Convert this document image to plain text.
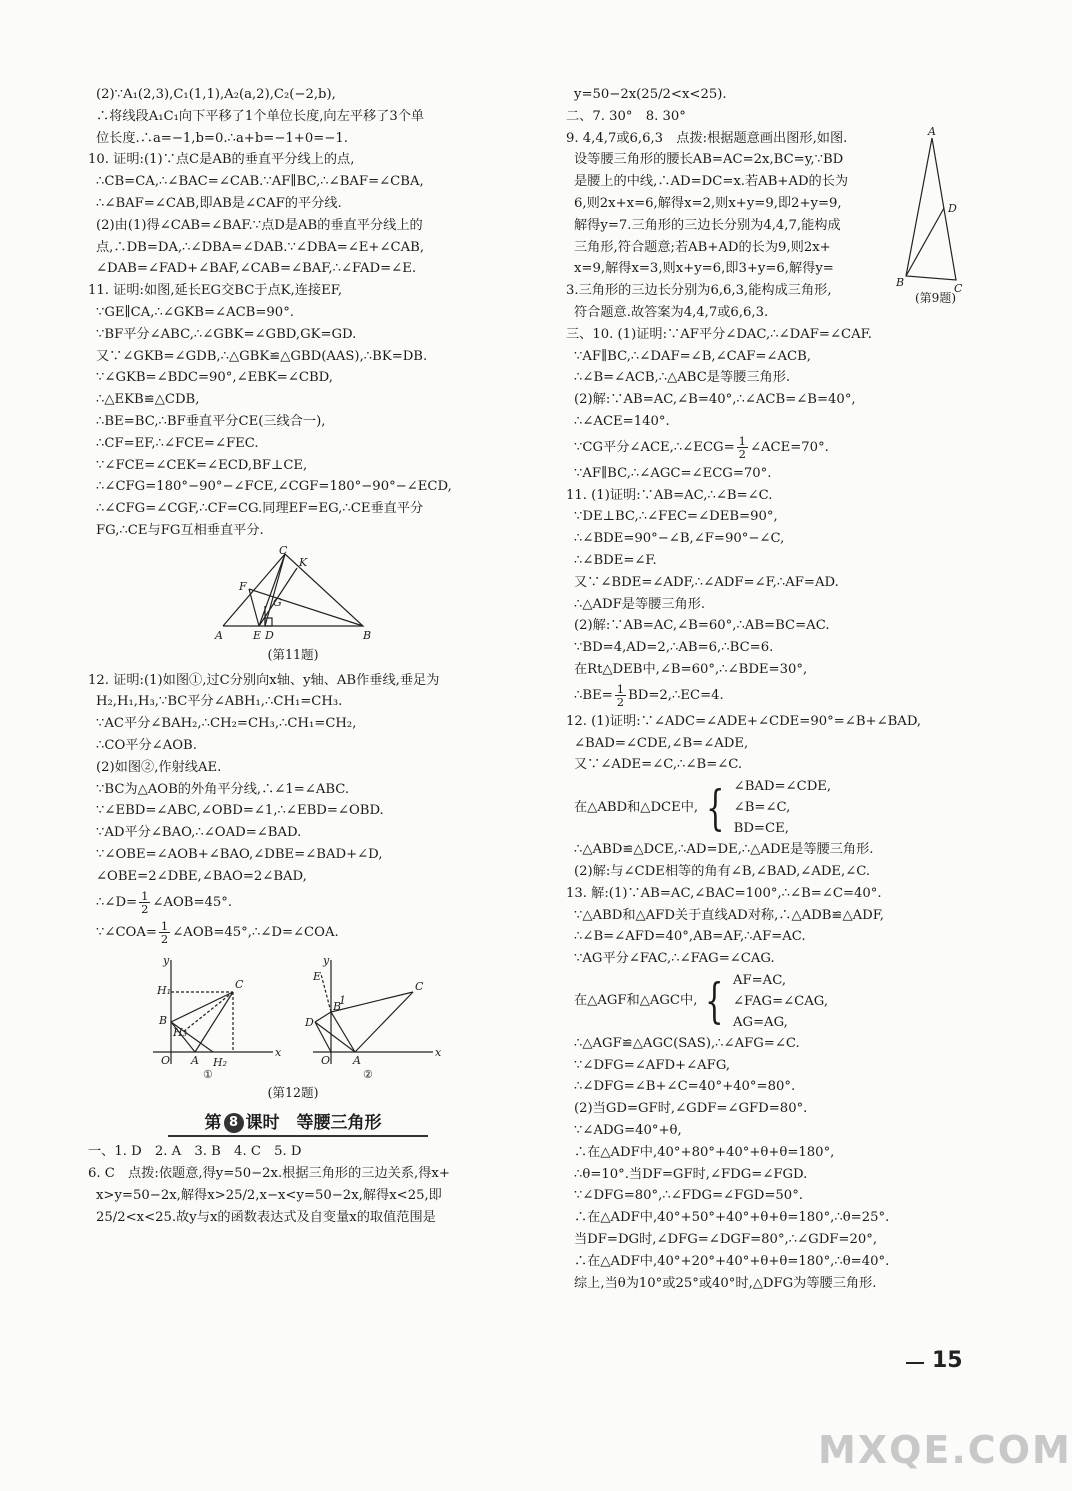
(2)∵A₁(2,3),C₁(1,1),A₂(a,2),C₂(−2,b),
∴将线段A₁C₁向下平移了1个单位长度,向左平移了3个单
位长度.∴a=−1,b=0.∴a+b=−1+0=−1.
10. 证明:(1)∵点C是AB的垂直平分线上的点,
∴CB=CA,∴∠BAC=∠CAB.∵AF∥BC,∴∠BAF=∠CBA,
∴∠BAF=∠CAB,即AB是∠CAF的平分线.
(2)由(1)得∠CAB=∠BAF.∵点D是AB的垂直平分线上的
点,∴DB=DA,∴∠DBA=∠DAB.∵∠DBA=∠E+∠CAB,
∠DAB=∠FAD+∠BAF,∠CAB=∠BAF,∴∠FAD=∠E.
11. 证明:如图,延长EG交BC于点K,连接EF,
∵GE∥CA,∴∠GKB=∠ACB=90°.
∵BF平分∠ABC,∴∠GBK=∠GBD,GK=GD.
又∵∠GKB=∠GDB,∴△GBK≌△GBD(AAS),∴BK=DB.
∵∠GKB=∠BDC=90°,∠EBK=∠CBD,
∴△EKB≌△CDB,
∴BE=BC,∴BF垂直平分CE(三线合一),
∴CF=EF,∴∠FCE=∠FEC.
∵∠FCE=∠CEK=∠ECD,BF⊥CE,
∴∠CFG=180°−90°−∠FCE,∠CGF=180°−90°−∠ECD,
∴∠CFG=∠CGF,∴CF=CG.同理EF=EG,∴CE垂直平分
FG,∴CE与FG互相垂直平分.
C
K
F
G
A	E D	B
(第11题)
12. 证明:(1)如图①,过C分别向x轴、y轴、AB作垂线,垂足为
H₂,H₁,H₃,∵BC平分∠ABH₁,∴CH₁=CH₃.
∵AC平分∠BAH₂,∴CH₂=CH₃,∴CH₁=CH₂,
∴CO平分∠AOB.
(2)如图②,作射线AE.
∵BC为△AOB的外角平分线,∴∠1=∠ABC.
∵∠EBD=∠ABC,∠OBD=∠1,∴∠EBD=∠OBD.
∵AD平分∠BAO,∴∠OAD=∠BAD.
∵∠OBE=∠AOB+∠BAO,∠DBE=∠BAD+∠D,
∠OBE=2∠DBE,∠BAO=2∠BAD,
∴∠D= $\frac{1}{2}$ ∠AOB=45°.
∵∠COA= $\frac{1}{2}$ ∠AOB=45°,∴∠D=∠COA.
y
x
H₁
B
H₃
O A H₂
C
y
x
E
B
1
D
O A
C
①	②
(第12题)
第 8 课时　等腰三角形
一、1. D　2. A　3. B　4. C　5. D
6. C　点拨:依题意,得y=50−2x.根据三角形的三边关系,得x+
x>y=50−2x,解得x>25/2,x−x<y=50−2x,解得x<25,即
25/2<x<25.故y与x的函数表达式及自变量x的取值范围是
y=50−2x(25/2<x<25).
二、7. 30°　8. 30°
9. 4,4,7或6,6,3　点拨:根据题意画出图形,如图.
设等腰三角形的腰长AB=AC=2x,BC=y,∵BD
是腰上的中线,∴AD=DC=x.若AB+AD的长为
6,则2x+x=6,解得x=2,则x+y=9,即2+y=9,
解得y=7.三角形的三边长分别为4,4,7,能构成
三角形,符合题意;若AB+AD的长为9,则2x+
x=9,解得x=3,则x+y=6,即3+y=6,解得y=
3.三角形的三边长分别为6,6,3,能构成三角形,
符合题意.故答案为4,4,7或6,6,3.
A
D
B	C
(第9题)
三、10. (1)证明:∵AF平分∠DAC,∴∠DAF=∠CAF.
∵AF∥BC,∴∠DAF=∠B,∠CAF=∠ACB,
∴∠B=∠ACB,∴△ABC是等腰三角形.
(2)解:∵AB=AC,∠B=40°,∴∠ACB=∠B=40°,
∴∠ACE=140°.
∵CG平分∠ACE,∴∠ECG= $\frac{1}{2}$ ∠ACE=70°.
∵AF∥BC,∴∠AGC=∠ECG=70°.
11. (1)证明:∵AB=AC,∴∠B=∠C.
∵DE⊥BC,∴∠FEC=∠DEB=90°,
∴∠BDE=90°−∠B,∠F=90°−∠C,
∴∠BDE=∠F.
又∵∠BDE=∠ADF,∴∠ADF=∠F,∴AF=AD.
∴△ADF是等腰三角形.
(2)解:∵AB=AC,∠B=60°,∴AB=BC=AC.
∵BD=4,AD=2,∴AB=6,∴BC=6.
在Rt△DEB中,∠B=60°,∴∠BDE=30°,
∴BE= $\frac{1}{2}$ BD=2,∴EC=4.
12. (1)证明:∵∠ADC=∠ADE+∠CDE=90°=∠B+∠BAD,
∠BAD=∠CDE,∠B=∠ADE,
又∵∠ADE=∠C,∴∠B=∠C.
在△ABD和△DCE中, { ∠BAD=∠CDE,
∠B=∠C,
BD=CE,
∴△ABD≌△DCE,∴AD=DE,∴△ADE是等腰三角形.
(2)解:与∠CDE相等的角有∠B,∠BAD,∠ADE,∠C.
13. 解:(1)∵AB=AC,∠BAC=100°,∴∠B=∠C=40°.
∵△ABD和△AFD关于直线AD对称,∴△ADB≌△ADF,
∴∠B=∠AFD=40°,AB=AF,∴AF=AC.
∵AG平分∠FAC,∴∠FAG=∠CAG.
在△AGF和△AGC中, { AF=AC,
∠FAG=∠CAG,
AG=AG,
∴△AGF≌△AGC(SAS),∴∠AFG=∠C.
∵∠DFG=∠AFD+∠AFG,
∴∠DFG=∠B+∠C=40°+40°=80°.
(2)当GD=GF时,∠GDF=∠GFD=80°.
∵∠ADG=40°+θ,
∴在△ADF中,40°+80°+40°+θ+θ=180°,
∴θ=10°.当DF=GF时,∠FDG=∠FGD.
∵∠DFG=80°,∴∠FDG=∠FGD=50°.
∴在△ADF中,40°+50°+40°+θ+θ=180°,∴θ=25°.
当DF=DG时,∠DFG=∠DGF=80°,∴∠GDF=20°,
∴在△ADF中,40°+20°+40°+θ+θ=180°,∴θ=40°.
综上,当θ为10°或25°或40°时,△DFG为等腰三角形.
15
MXQE.COM
